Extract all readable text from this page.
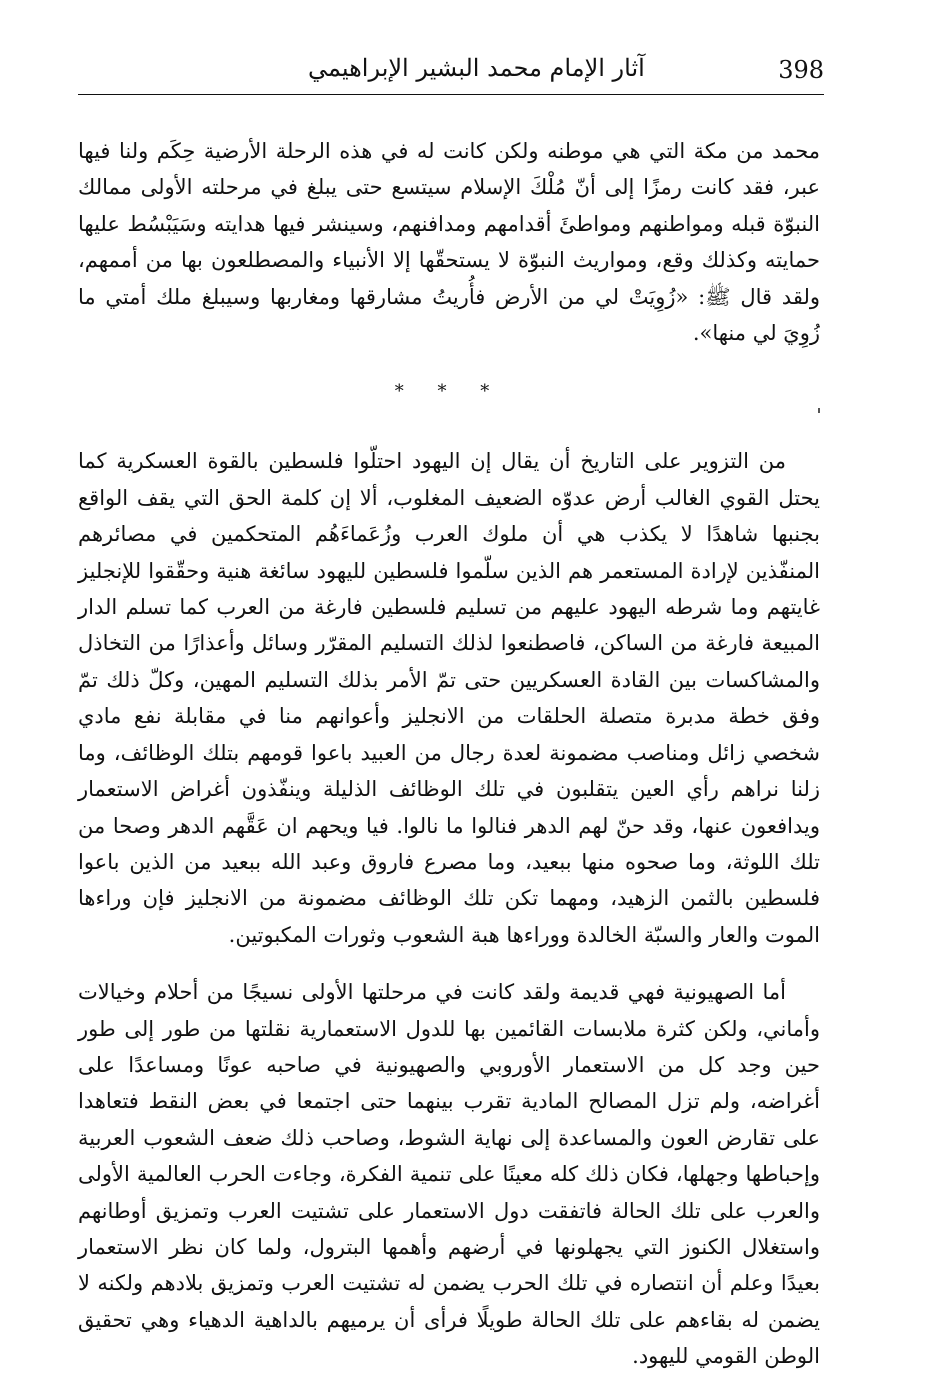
398
آثار الإمام محمد البشير الإبراهيمي

محمد من مكة التي هي موطنه ولكن كانت له في هذه الرحلة الأرضية حِكَم ولنا فيها عبر، فقد كانت رمزًا إلى أنّ مُلْكَ الإسلام سيتسع حتى يبلغ في مرحلته الأولى ممالك النبوّة قبله ومواطنهم ومواطئَ أقدامهم ومدافنهم، وسينشر فيها هدايته وسَيَبْسُط عليها حمايته وكذلك وقع، ومواريث النبوّة لا يستحقّها إلا الأنبياء والمصطلعون بها من أممهم، ولقد قال ﷺ: «زُوِيَتْ لي من الأرض فأُريتُ مشارقها ومغاربها وسيبلغ ملك أمتي ما زُوِيَ لي منها».

* * *

من التزوير على التاريخ أن يقال إن اليهود احتلّوا فلسطين بالقوة العسكرية كما يحتل القوي الغالب أرض عدوّه الضعيف المغلوب، ألا إن كلمة الحق التي يقف الواقع بجنبها شاهدًا لا يكذب هي أن ملوك العرب وزُعَماءَهُم المتحكمين في مصائرهم المنفّذين لإرادة المستعمر هم الذين سلّموا فلسطين لليهود سائغة هنية وحقّقوا للإنجليز غايتهم وما شرطه اليهود عليهم من تسليم فلسطين فارغة من العرب كما تسلم الدار المبيعة فارغة من الساكن، فاصطنعوا لذلك التسليم المقرّر وسائل وأعذارًا من التخاذل والمشاكسات بين القادة العسكريين حتى تمّ الأمر بذلك التسليم المهين، وكلّ ذلك تمّ وفق خطة مدبرة متصلة الحلقات من الانجليز وأعوانهم منا في مقابلة نفع مادي شخصي زائل ومناصب مضمونة لعدة رجال من العبيد باعوا قومهم بتلك الوظائف، وما زلنا نراهم رأي العين يتقلبون في تلك الوظائف الذليلة وينفّذون أغراض الاستعمار ويدافعون عنها، وقد حنّ لهم الدهر فنالوا ما نالوا. فيا ويحهم ان عَقَّهم الدهر وصحا من تلك اللوثة، وما صحوه منها ببعيد، وما مصرع فاروق وعبد الله ببعيد من الذين باعوا فلسطين بالثمن الزهيد، ومهما تكن تلك الوظائف مضمونة من الانجليز فإن وراءها الموت والعار والسبّة الخالدة ووراءها هبة الشعوب وثورات المكبوتين.

أما الصهيونية فهي قديمة ولقد كانت في مرحلتها الأولى نسيجًا من أحلام وخيالات وأماني، ولكن كثرة ملابسات القائمين بها للدول الاستعمارية نقلتها من طور إلى طور حين وجد كل من الاستعمار الأوروبي والصهيونية في صاحبه عونًا ومساعدًا على أغراضه، ولم تزل المصالح المادية تقرب بينهما حتى اجتمعا في بعض النقط فتعاهدا على تقارض العون والمساعدة إلى نهاية الشوط، وصاحب ذلك ضعف الشعوب العربية وإحباطها وجهلها، فكان ذلك كله معينًا على تنمية الفكرة، وجاءت الحرب العالمية الأولى والعرب على تلك الحالة فاتفقت دول الاستعمار على تشتيت العرب وتمزيق أوطانهم واستغلال الكنوز التي يجهلونها في أرضهم وأهمها البترول، ولما كان نظر الاستعمار بعيدًا وعلم أن انتصاره في تلك الحرب يضمن له تشتيت العرب وتمزيق بلادهم ولكنه لا يضمن له بقاءهم على تلك الحالة طويلًا فرأى أن يرميهم بالداهية الدهياء وهي تحقيق الوطن القومي لليهود.
